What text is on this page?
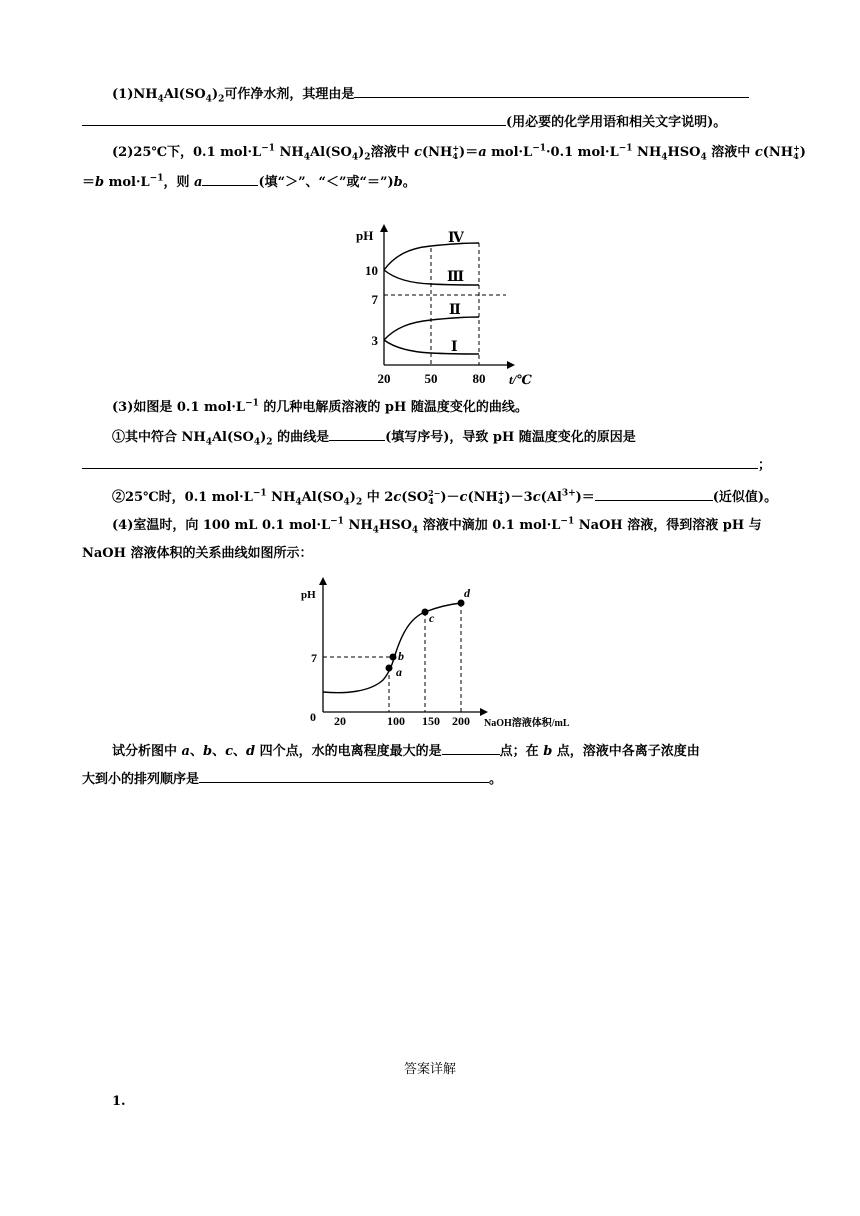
$(1)NH_4Al(SO_4)_2$可作净水剂，其理由是
(用必要的化学用语和相关文字说明)。
(2)25℃下，0.1 $mol\cdot L^{-1}$ $NH_4Al(SO_4)_2$溶液中 c(NH +
4 )＝a $mol\cdot L^{-1}\cdot 0.1$ $mol\cdot L^{-1}$ $NH_4HSO_4$ 溶液中 c(NH +
4 )
＝b $mol\cdot L^{-1}$，则 a	(填“＞”、“＜”或“＝”)b。
pH
t/℃
10
7
3
20	50	80
Ⅳ
Ⅲ
Ⅱ
Ⅰ
(3)如图是 0.1 $mol\cdot L^{-1}$ 的几种电解质溶液的 pH 随温度变化的曲线。
①其中符合 $NH_4Al(SO_4)_2$ 的曲线是	(填写序号)，导致 pH 随温度变化的原因是
；
②25℃时，0.1 $mol\cdot L^{-1}$ $NH_4Al(SO_4)_2$ 中 2c(SO 2−
4 )－c(NH +
4 )$-3c(Al^{3+})=$	(近似值)。
(4)室温时，向 100 mL 0.1 $mol\cdot L^{-1}$ $NH_4HSO_4$ 溶液中滴加 0.1 $mol\cdot L^{-1}$ NaOH 溶液，得到溶液 pH 与
NaOH 溶液体积的关系曲线如图所示：
pH
0
7
20	100 150 200 NaOH溶液体积/mL
a
b
c
d
试分析图中 a、b、c、d 四个点，水的电离程度最大的是	点；在 b 点，溶液中各离子浓度由
大到小的排列顺序是	。
答案详解
1.
